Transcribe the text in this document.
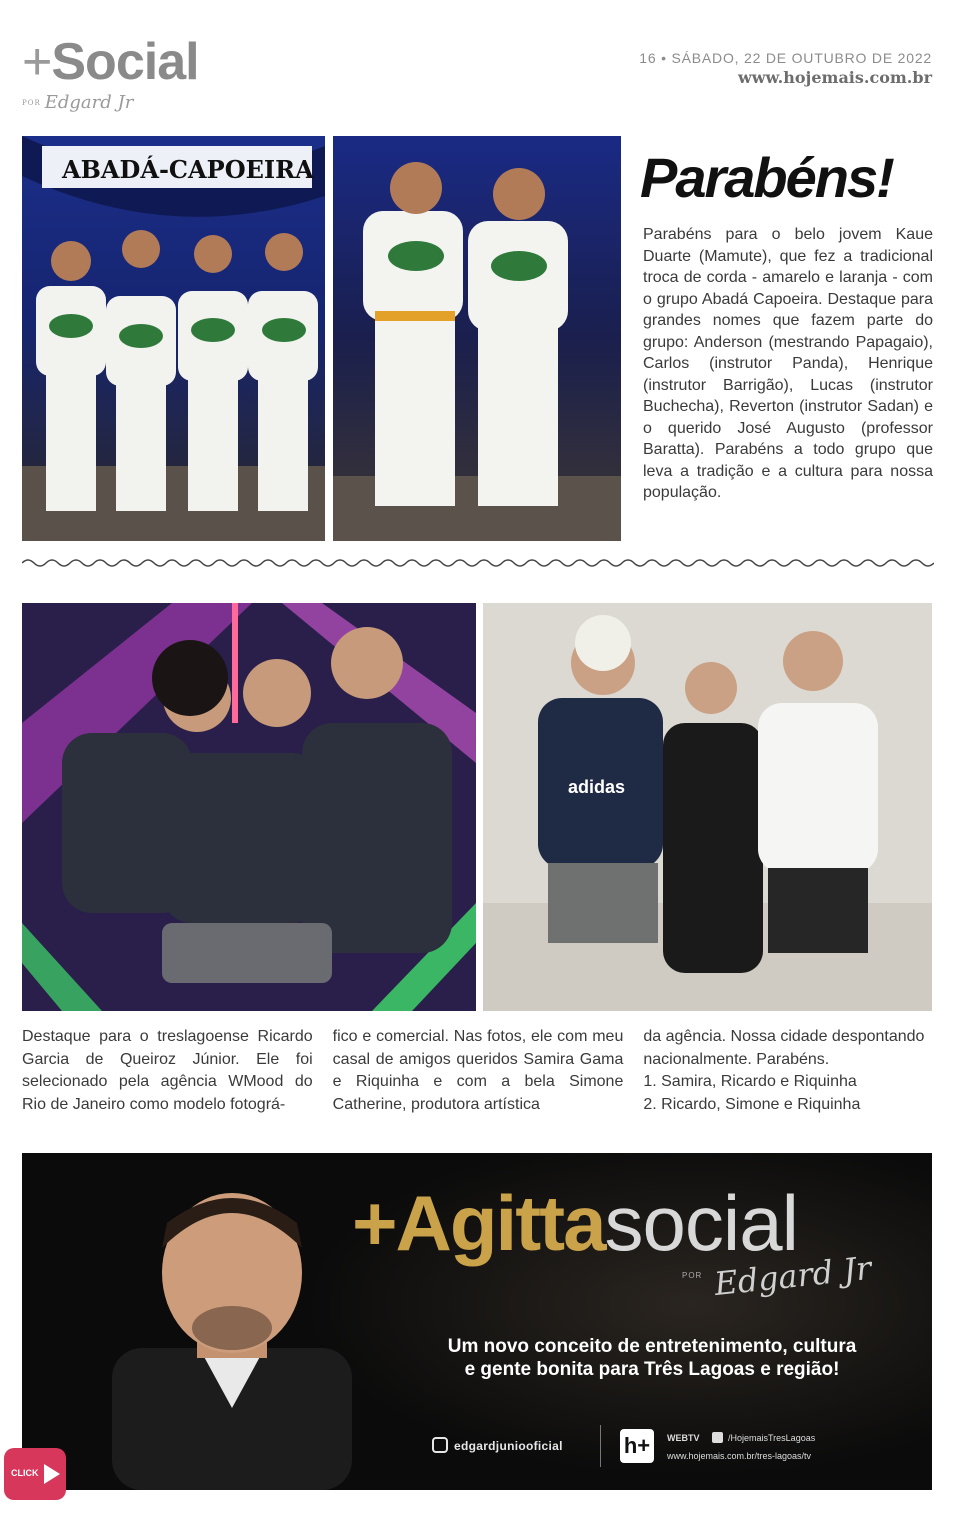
+Social
POR Edgard Jr
16 • SÁBADO, 22 DE OUTUBRO DE 2022
www.hojemais.com.br
ABADÁ-CAPOEIRA	Parabéns!
Parabéns para o belo jovem Kaue Duarte (Mamute), que fez a tradicional troca de corda - amarelo e laranja - com o grupo Abadá Capoeira. Destaque para grandes nomes que fazem parte do grupo: Anderson (mestrando Papagaio), Carlos (instrutor Panda), Henrique (instrutor Barrigão), Lucas (instrutor Buchecha), Reverton (instrutor Sadan) e o querido José Augusto (professor Baratta). Parabéns a todo grupo que leva a tradição e a cultura para nossa população.
adidas
Destaque para o treslagoense Ricardo Garcia de Queiroz Júnior. Ele foi selecionado pela agência WMood do Rio de Janeiro como modelo fotográ-
fico e comercial. Nas fotos, ele com meu casal de amigos queridos Samira Gama e Riquinha e com a bela Simone Catherine, produtora artística
da agência. Nossa cidade despontando nacionalmente. Parabéns.
1. Samira, Ricardo e Riquinha
2. Ricardo, Simone e Riquinha
+Agittasocial
POR Edgard Jr
Um novo conceito de entretenimento, cultura e gente bonita para Três Lagoas e região!
edgardjuniooficial	h+	WEBTV	/HojemaisTresLagoas
www.hojemais.com.br/tres-lagoas/tv
CLICK
